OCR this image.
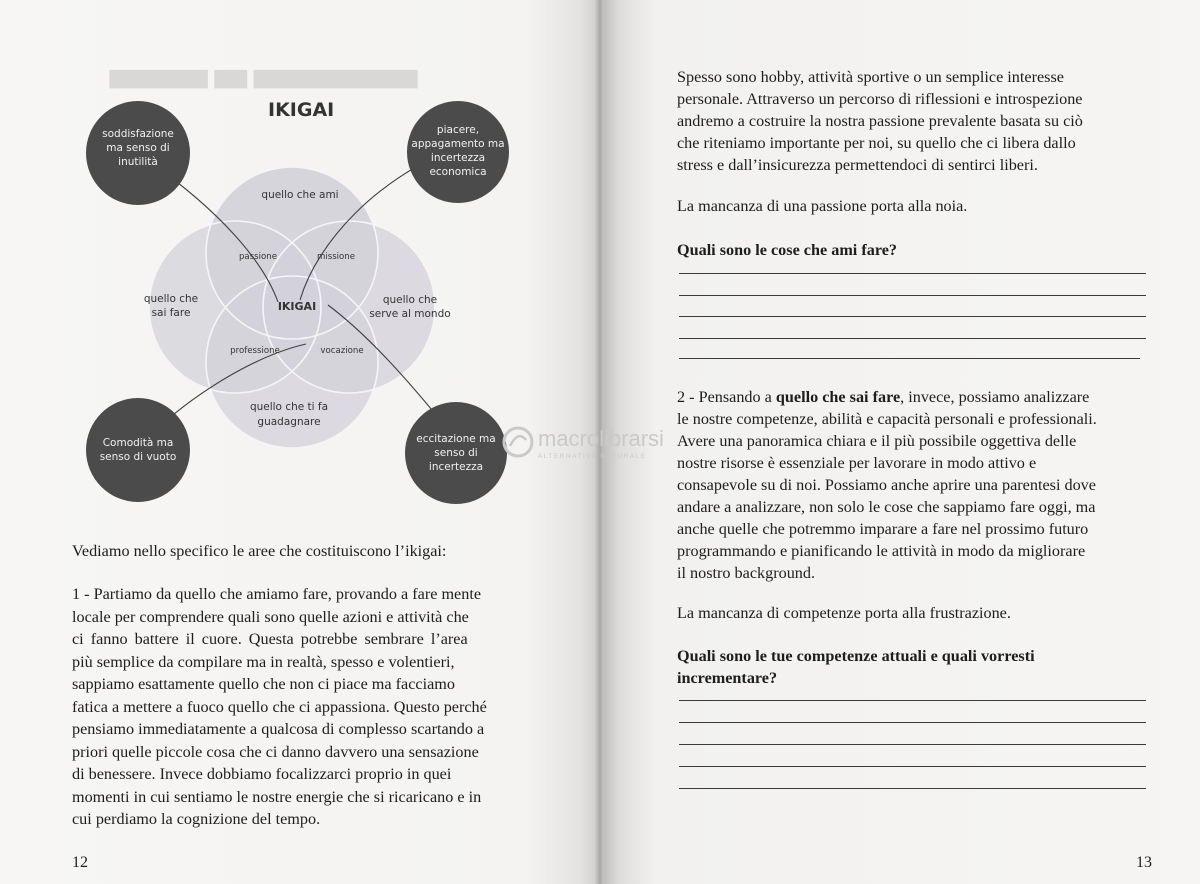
▆▆▆▆▆▆ ▆▆ ▆▆▆▆▆▆▆▆▆▆
IKIGAI
quello che ami
quello che
sai fare
quello che
serve al mondo
quello che ti fa
guadagnare
passione	missione
professione	vocazione
IKIGAI
soddisfazione
ma senso di
inutilità
piacere,
appagamento ma
incertezza
economica
Comodità ma
senso di vuoto
eccitazione ma
senso di
incertezza

Vediamo nello specifico le aree che costituiscono l’ikigai:

1 - Partiamo da quello che amiamo fare, provando a fare mente

locale per comprendere quali sono quelle azioni e attività che

ci fanno battere il cuore. Questa potrebbe sembrare l’area

più semplice da compilare ma in realtà, spesso e volentieri,

sappiamo esattamente quello che non ci piace ma facciamo

fatica a mettere a fuoco quello che ci appassiona. Questo perché

pensiamo immediatamente a qualcosa di complesso scartando a

priori quelle piccole cosa che ci danno davvero una sensazione

di benessere. Invece dobbiamo focalizzarci proprio in quei

momenti in cui sentiamo le nostre energie che si ricaricano e in

cui perdiamo la cognizione del tempo.

12

Spesso sono hobby, attività sportive o un semplice interesse

personale. Attraverso un percorso di riflessioni e introspezione

andremo a costruire la nostra passione prevalente basata su ciò

che riteniamo importante per noi, su quello che ci libera dallo

stress e dall’insicurezza permettendoci di sentirci liberi.

La mancanza di una passione porta alla noia.

Quali sono le cose che ami fare?

2 - Pensando a quello che sai fare, invece, possiamo analizzare

le nostre competenze, abilità e capacità personali e professionali.

Avere una panoramica chiara e il più possibile oggettiva delle

nostre risorse è essenziale per lavorare in modo attivo e

consapevole su di noi. Possiamo anche aprire una parentesi dove

andare a analizzare, non solo le cose che sappiamo fare oggi, ma

anche quelle che potremmo imparare a fare nel prossimo futuro

programmando e pianificando le attività in modo da migliorare

il nostro background.

La mancanza di competenze porta alla frustrazione.

Quali sono le tue competenze attuali e quali vorresti

incrementare?

13
macrolibrarsi
ALTERNATIVA NATURALE
